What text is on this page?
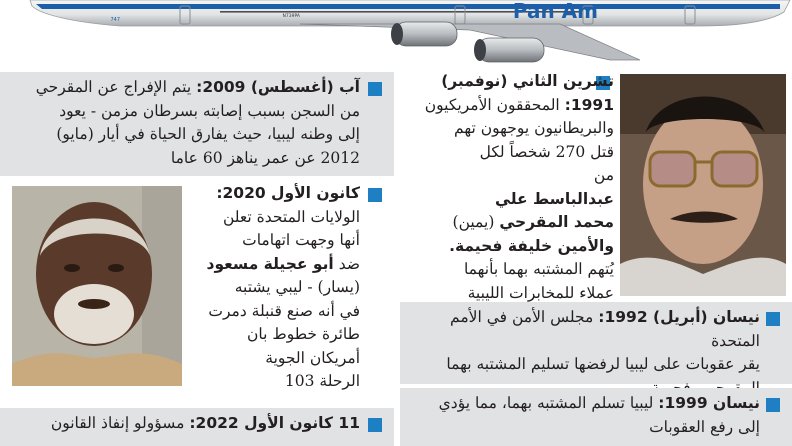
747
N739PA	Pan Am
تشرين الثاني (نوفمبر)
1991: المحققون الأمريكيون
والبريطانيون يوجهون تهم
قتل 270 شخصاً لكل
من
عبدالباسط علي
محمد المقرحي (يمين)
والأمين خليفة فحيمة.
يُتهم المشتبه بهما بأنهما
عملاء للمخابرات الليبية
نيسان (أبريل) 1992: مجلس الأمن في الأمم المتحدة
يقر عقوبات على ليبيا لرفضها تسليم المشتبه بهما
نيسان 1999: ليبيا تسلم المشتبه بهما، مما يؤدي
إلى رفع العقوبات
آب (أغسطس) 2009: يتم الإفراج عن المقرحي
من السجن بسبب إصابته بسرطان مزمن - يعود
إلى وطنه ليبيا، حيث يفارق الحياة في أيار (مايو)
2012 عن عمر يناهز 60 عاما
كانون الأول 2020:
الولايات المتحدة تعلن
أنها وجهت اتهامات
ضد أبو عجيلة مسعود
(يسار) - ليبي يشتبه
في أنه صنع قنبلة دمرت
طائرة خطوط بان
أمريكان الجوية
الرحلة 103
11 كانون الأول 2022: مسؤولو إنفاذ القانون
